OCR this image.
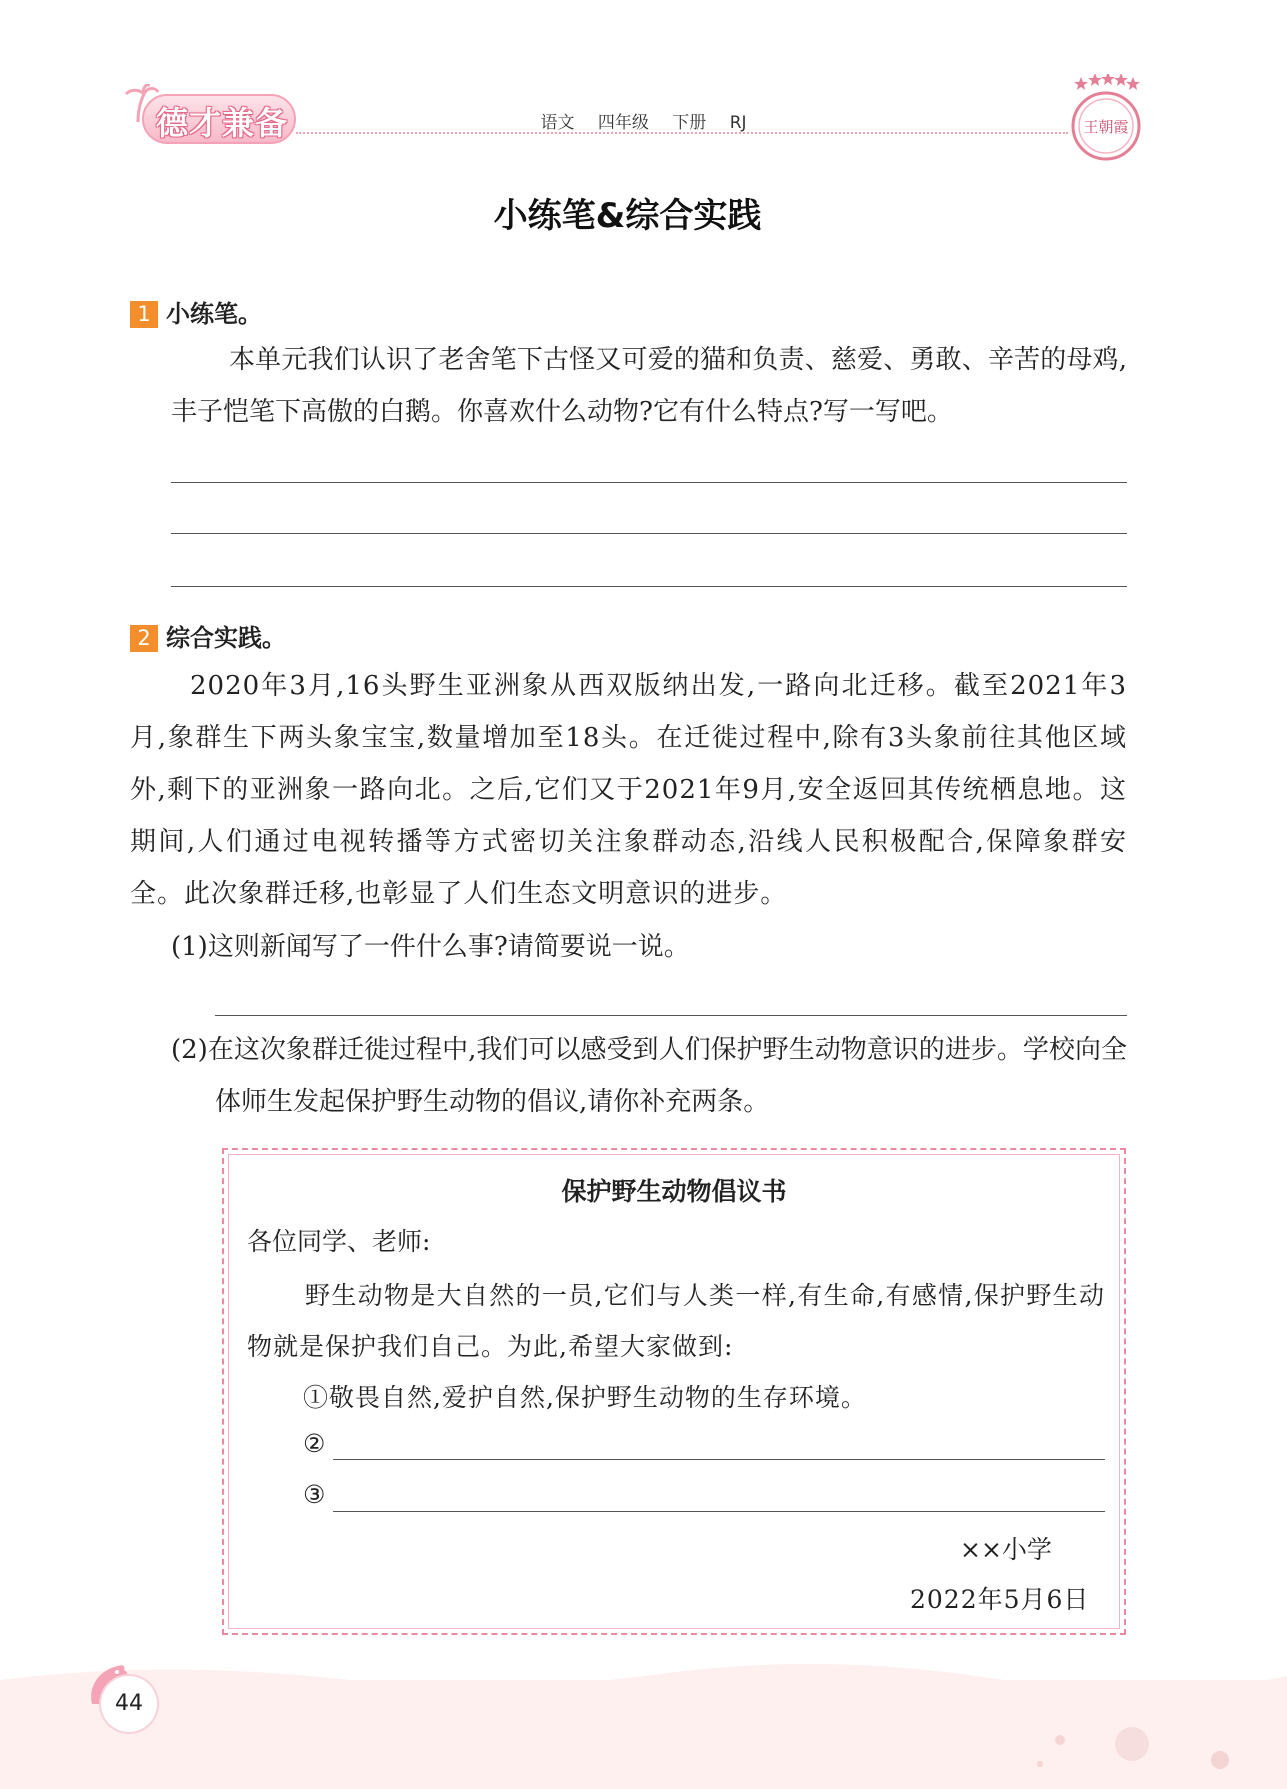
德才兼备	语文 四年级 下册 RJ	王朝霞
小练笔&综合实践
1 小练笔。
本单元我们认识了老舍笔下古怪又可爱的猫和负责、慈爱、勇敢、辛苦的母鸡,丰子恺笔下高傲的白鹅。你喜欢什么动物?它有什么特点?写一写吧。
2 综合实践。
2020年3月,16头野生亚洲象从西双版纳出发,一路向北迁移。截至2021年3月,象群生下两头象宝宝,数量增加至18头。在迁徙过程中,除有3头象前往其他区域外,剩下的亚洲象一路向北。之后,它们又于2021年9月,安全返回其传统栖息地。这期间,人们通过电视转播等方式密切关注象群动态,沿线人民积极配合,保障象群安全。此次象群迁移,也彰显了人们生态文明意识的进步。
(1)这则新闻写了一件什么事?请简要说一说。
(2)在这次象群迁徙过程中,我们可以感受到人们保护野生动物意识的进步。学校向全体师生发起保护野生动物的倡议,请你补充两条。
保护野生动物倡议书
各位同学、老师:
野生动物是大自然的一员,它们与人类一样,有生命,有感情,保护野生动物就是保护我们自己。为此,希望大家做到:
①敬畏自然,爱护自然,保护野生动物的生存环境。
②
③
××小学
2022年5月6日
44
